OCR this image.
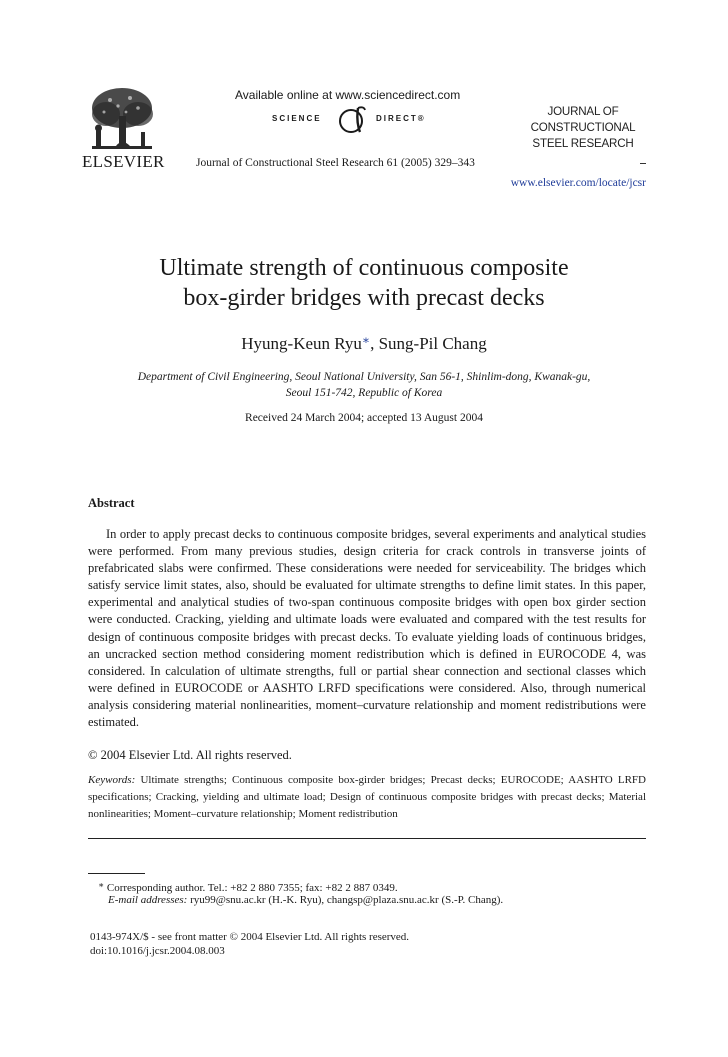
ELSEVIER
Available online at www.sciencedirect.com
SCIENCE	DIRECT®
Journal of Constructional Steel Research 61 (2005) 329–343
JOURNAL OF
CONSTRUCTIONAL
STEEL RESEARCH
www.elsevier.com/locate/jcsr
Ultimate strength of continuous composite
box-girder bridges with precast decks
Hyung-Keun Ryu∗, Sung-Pil Chang
Department of Civil Engineering, Seoul National University, San 56-1, Shinlim-dong, Kwanak-gu,
Seoul 151-742, Republic of Korea
Received 24 March 2004; accepted 13 August 2004
Abstract
In order to apply precast decks to continuous composite bridges, several experiments and analytical studies were performed. From many previous studies, design criteria for crack controls in transverse joints of prefabricated slabs were confirmed. These considerations were needed for serviceability. The bridges which satisfy service limit states, also, should be evaluated for ultimate strengths to define limit states. In this paper, experimental and analytical studies of two-span continuous composite bridges with open box girder section were conducted. Cracking, yielding and ultimate loads were evaluated and compared with the test results for design of continuous composite bridges with precast decks. To evaluate yielding loads of continuous bridges, an uncracked section method considering moment redistribution which is defined in EUROCODE 4, was considered. In calculation of ultimate strengths, full or partial shear connection and sectional classes which were defined in EUROCODE or AASHTO LRFD specifications were considered. Also, through numerical analysis considering material nonlinearities, moment–curvature relationship and moment redistributions were estimated.
© 2004 Elsevier Ltd. All rights reserved.
Keywords: Ultimate strengths; Continuous composite box-girder bridges; Precast decks; EUROCODE; AASHTO LRFD specifications; Cracking, yielding and ultimate load; Design of continuous composite bridges with precast decks; Material nonlinearities; Moment–curvature relationship; Moment redistribution
∗ Corresponding author. Tel.: +82 2 880 7355; fax: +82 2 887 0349.
E-mail addresses: ryu99@snu.ac.kr (H.-K. Ryu), changsp@plaza.snu.ac.kr (S.-P. Chang).
0143-974X/$ - see front matter © 2004 Elsevier Ltd. All rights reserved.
doi:10.1016/j.jcsr.2004.08.003
